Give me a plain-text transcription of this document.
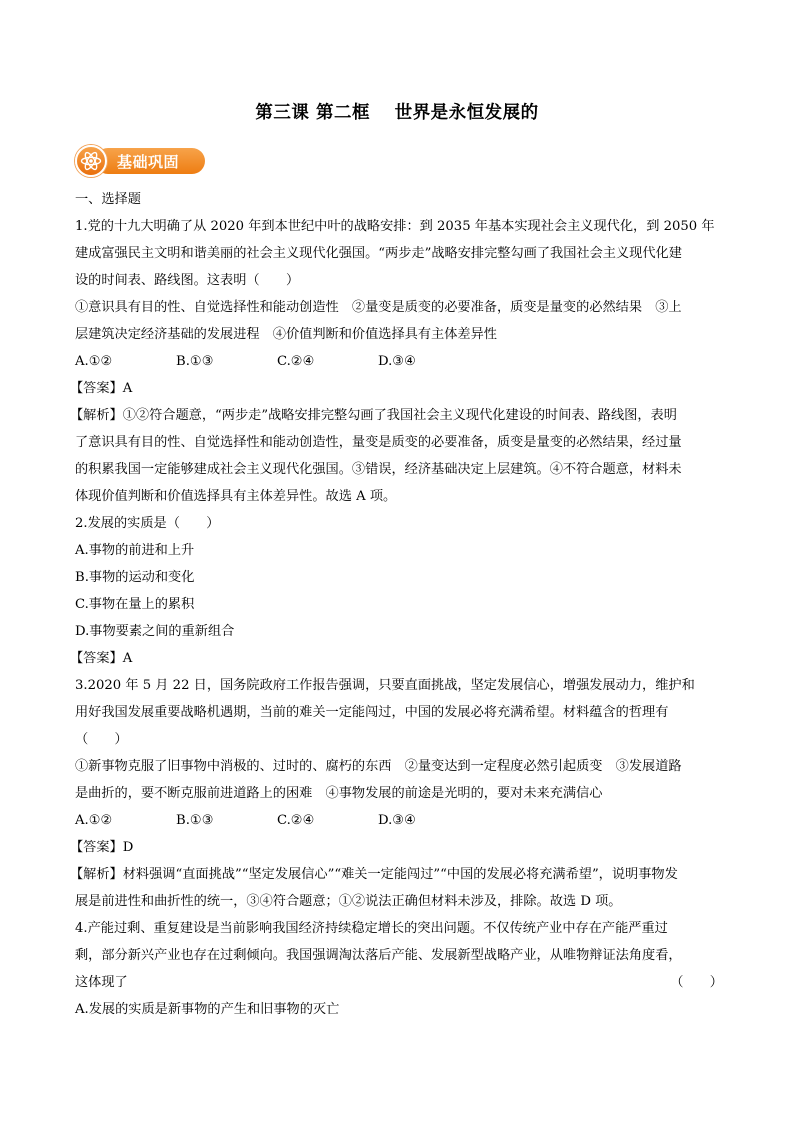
第三课 第二框　 世界是永恒发展的
基础巩固
一、选择题
1.党的十九大明确了从 2020 年到本世纪中叶的战略安排：到 2035 年基本实现社会主义现代化，到 2050 年
建成富强民主文明和谐美丽的社会主义现代化强国。“两步走”战略安排完整勾画了我国社会主义现代化建
设的时间表、路线图。这表明（　　）
①意识具有目的性、自觉选择性和能动创造性　②量变是质变的必要准备，质变是量变的必然结果　③上
层建筑决定经济基础的发展进程　④价值判断和价值选择具有主体差异性
A.①②	B.①③	C.②④	D.③④
【答案】A
【解析】①②符合题意，“两步走”战略安排完整勾画了我国社会主义现代化建设的时间表、路线图，表明
了意识具有目的性、自觉选择性和能动创造性，量变是质变的必要准备，质变是量变的必然结果，经过量
的积累我国一定能够建成社会主义现代化强国。③错误，经济基础决定上层建筑。④不符合题意，材料未
体现价值判断和价值选择具有主体差异性。故选 A 项。
2.发展的实质是（　　）
A.事物的前进和上升
B.事物的运动和变化
C.事物在量上的累积
D.事物要素之间的重新组合
【答案】A
3.2020 年 5 月 22 日，国务院政府工作报告强调，只要直面挑战，坚定发展信心，增强发展动力，维护和
用好我国发展重要战略机遇期，当前的难关一定能闯过，中国的发展必将充满希望。材料蕴含的哲理有
（　　）
①新事物克服了旧事物中消极的、过时的、腐朽的东西　②量变达到一定程度必然引起质变　③发展道路
是曲折的，要不断克服前进道路上的困难　④事物发展的前途是光明的，要对未来充满信心
A.①②	B.①③	C.②④	D.③④
【答案】D
【解析】材料强调“直面挑战”“坚定发展信心”“难关一定能闯过”“中国的发展必将充满希望”，说明事物发
展是前进性和曲折性的统一，③④符合题意；①②说法正确但材料未涉及，排除。故选 D 项。
4.产能过剩、重复建设是当前影响我国经济持续稳定增长的突出问题。不仅传统产业中存在产能严重过
剩，部分新兴产业也存在过剩倾向。我国强调淘汰落后产能、发展新型战略产业，从唯物辩证法角度看，
这体现了	（　　）
A.发展的实质是新事物的产生和旧事物的灭亡
